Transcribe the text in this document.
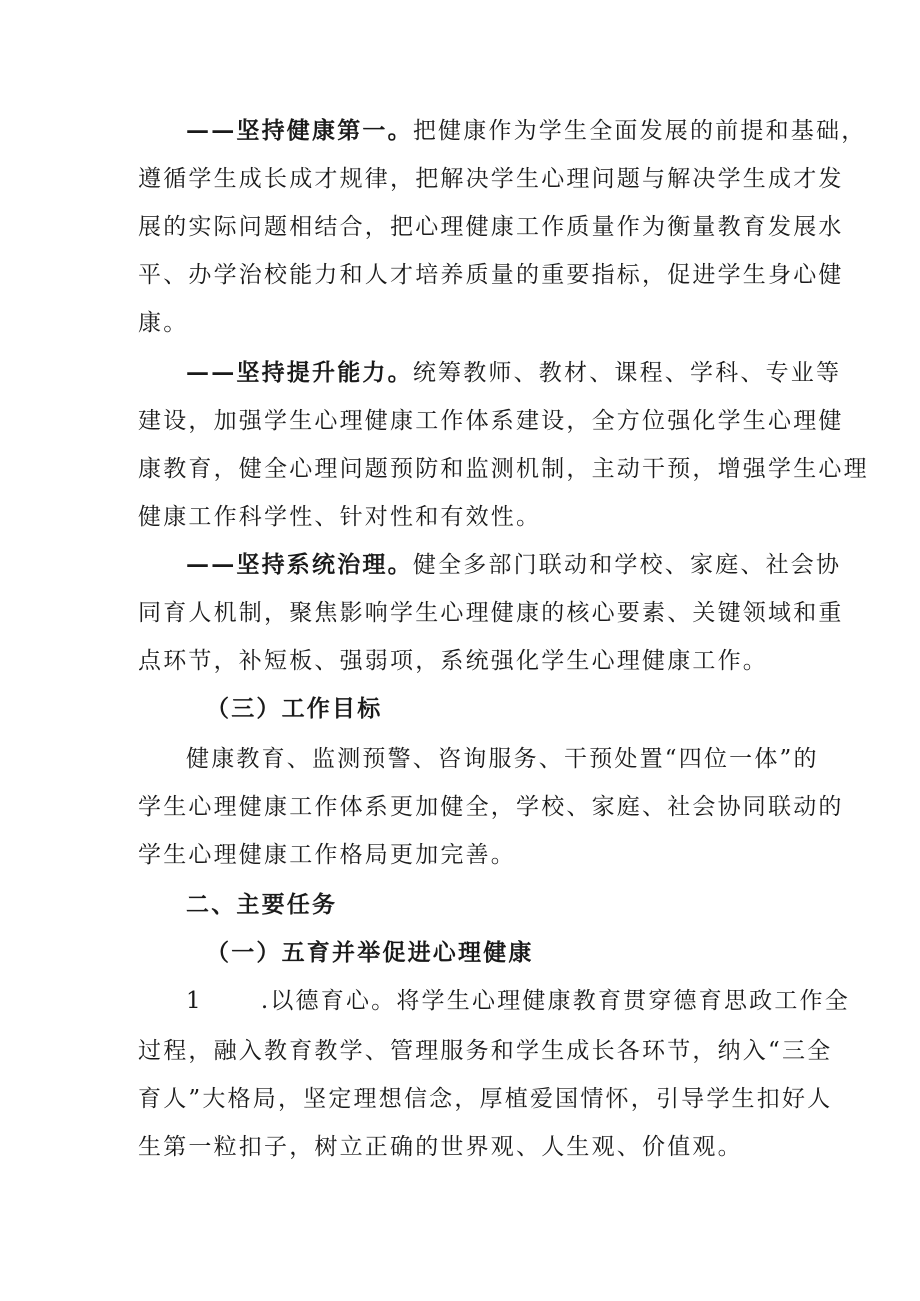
——坚持健康第一。把健康作为学生全面发展的前提和基础，
遵循学生成长成才规律，把解决学生心理问题与解决学生成才发
展的实际问题相结合，把心理健康工作质量作为衡量教育发展水
平、办学治校能力和人才培养质量的重要指标，促进学生身心健
康。
——坚持提升能力。统筹教师、教材、课程、学科、专业等
建设，加强学生心理健康工作体系建设，全方位强化学生心理健
康教育，健全心理问题预防和监测机制，主动干预，增强学生心理
健康工作科学性、针对性和有效性。
——坚持系统治理。健全多部门联动和学校、家庭、社会协
同育人机制，聚焦影响学生心理健康的核心要素、关键领域和重
点环节，补短板、强弱项，系统强化学生心理健康工作。
（三）工作目标
健康教育、监测预警、咨询服务、干预处置“四位一体”的
学生心理健康工作体系更加健全，学校、家庭、社会协同联动的
学生心理健康工作格局更加完善。
二、主要任务
（一）五育并举促进心理健康
1	.以德育心。将学生心理健康教育贯穿德育思政工作全
过程，融入教育教学、管理服务和学生成长各环节，纳入“三全
育人”大格局，坚定理想信念，厚植爱国情怀，引导学生扣好人
生第一粒扣子，树立正确的世界观、人生观、价值观。
